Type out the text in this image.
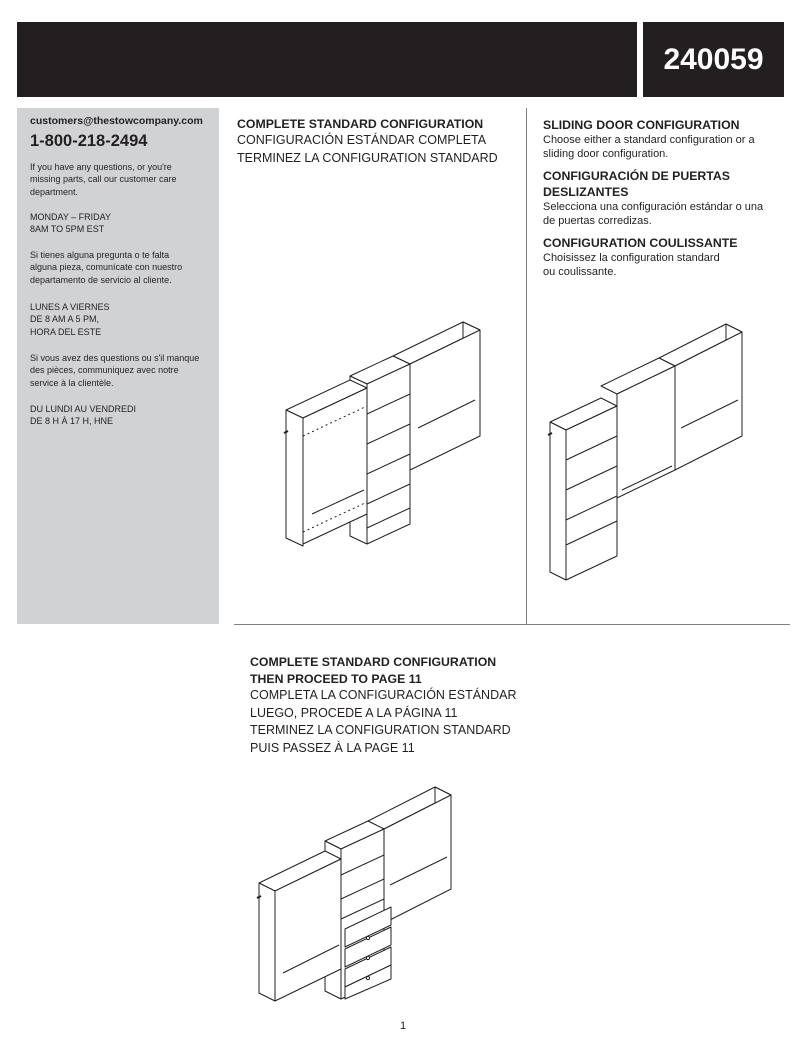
240059
customers@thestowcompany.com
1-800-218-2494
If you have any questions, or you're
missing parts, call our customer care
department.
MONDAY – FRIDAY
8AM TO 5PM EST
Si tienes alguna pregunta o te falta
alguna pieza, comunícate con nuestro
departamento de servicio al cliente.
LUNES A VIERNES
DE 8 AM A 5 PM,
HORA DEL ESTE
Si vous avez des questions ou s'il manque
des pièces, communiquez avec notre
service à la clientèle.
DU LUNDI AU VENDREDI
DE 8 H À 17 H, HNE
COMPLETE STANDARD CONFIGURATION
CONFIGURACIÓN ESTÁNDAR COMPLETA
TERMINEZ LA CONFIGURATION STANDARD
SLIDING DOOR CONFIGURATION
Choose either a standard configuration or a
sliding door configuration.
CONFIGURACIÓN DE PUERTAS
DESLIZANTES
Selecciona una configuración estándar o una
de puertas corredizas.
CONFIGURATION COULISSANTE
Choisissez la configuration standard
ou coulissante.
COMPLETE STANDARD CONFIGURATION
THEN PROCEED TO PAGE 11
COMPLETA LA CONFIGURACIÓN ESTÁNDAR
LUEGO, PROCEDE A LA PÁGINA 11
TERMINEZ LA CONFIGURATION STANDARD
PUIS PASSEZ À LA PAGE 11
1
